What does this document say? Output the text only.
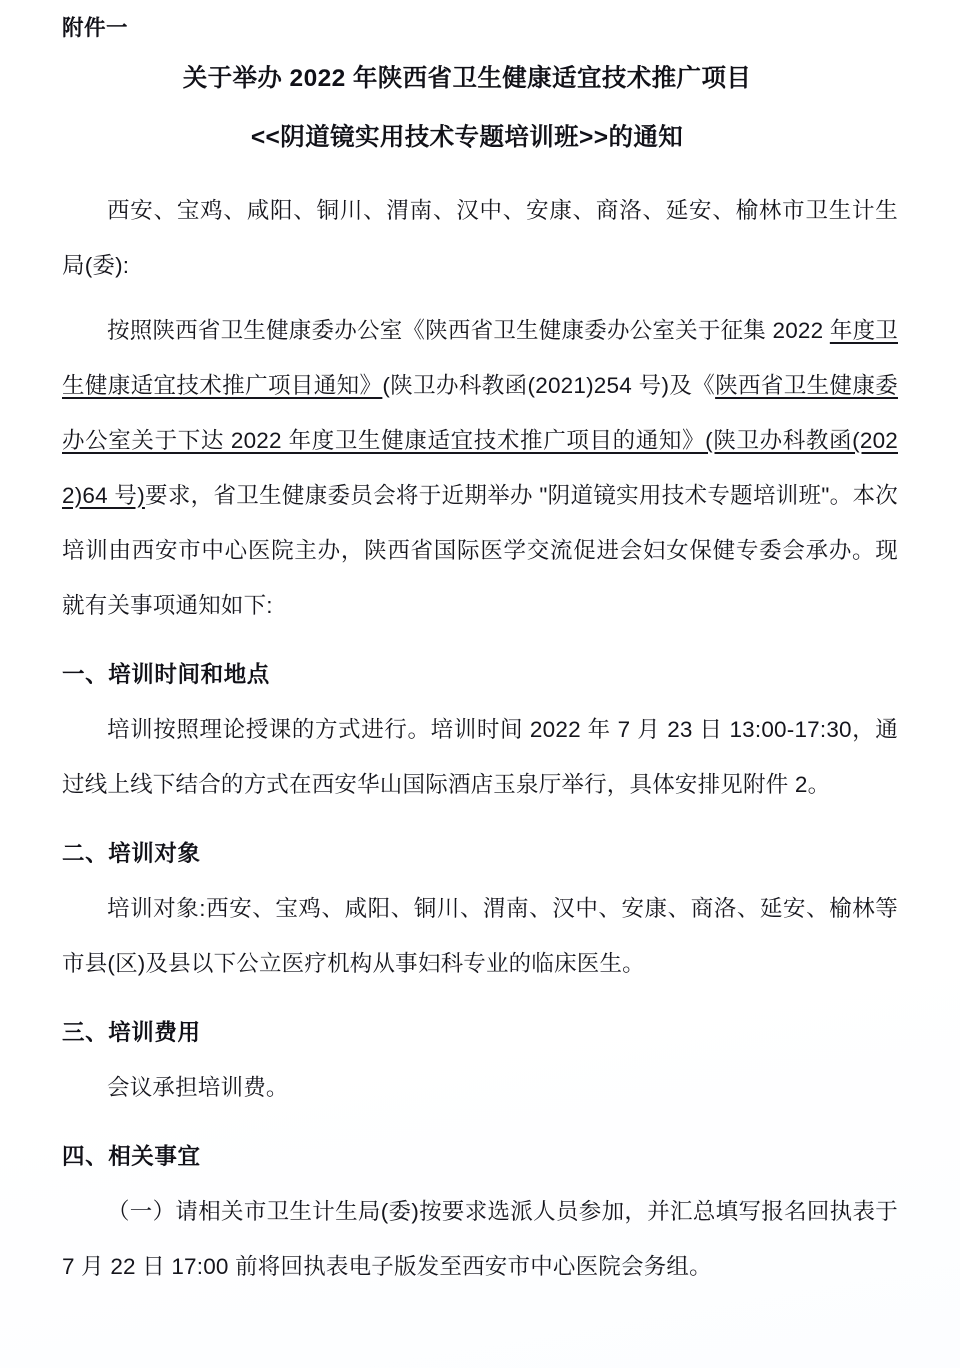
附件一
关于举办 2022 年陕西省卫生健康适宜技术推广项目
<<阴道镜实用技术专题培训班>>的通知

西安、宝鸡、咸阳、铜川、渭南、汉中、安康、商洛、延安、榆林市卫生计生局(委):

按照陕西省卫生健康委办公室《陕西省卫生健康委办公室关于征集 2022 年度卫生健康适宜技术推广项目通知》(陕卫办科教函(2021)254 号)及《陕西省卫生健康委办公室关于下达 2022 年度卫生健康适宜技术推广项目的通知》(陕卫办科教函(2022)64 号)要求，省卫生健康委员会将于近期举办 "阴道镜实用技术专题培训班"。本次培训由西安市中心医院主办，陕西省国际医学交流促进会妇女保健专委会承办。现就有关事项通知如下:

一、培训时间和地点

培训按照理论授课的方式进行。培训时间 2022 年 7 月 23 日 13:00-17:30，通过线上线下结合的方式在西安华山国际酒店玉泉厅举行，具体安排见附件 2。

二、培训对象

培训对象:西安、宝鸡、咸阳、铜川、渭南、汉中、安康、商洛、延安、榆林等市县(区)及县以下公立医疗机构从事妇科专业的临床医生。

三、培训费用

会议承担培训费。

四、相关事宜

（一）请相关市卫生计生局(委)按要求选派人员参加，并汇总填写报名回执表于 7 月 22 日 17:00 前将回执表电子版发至西安市中心医院会务组。
